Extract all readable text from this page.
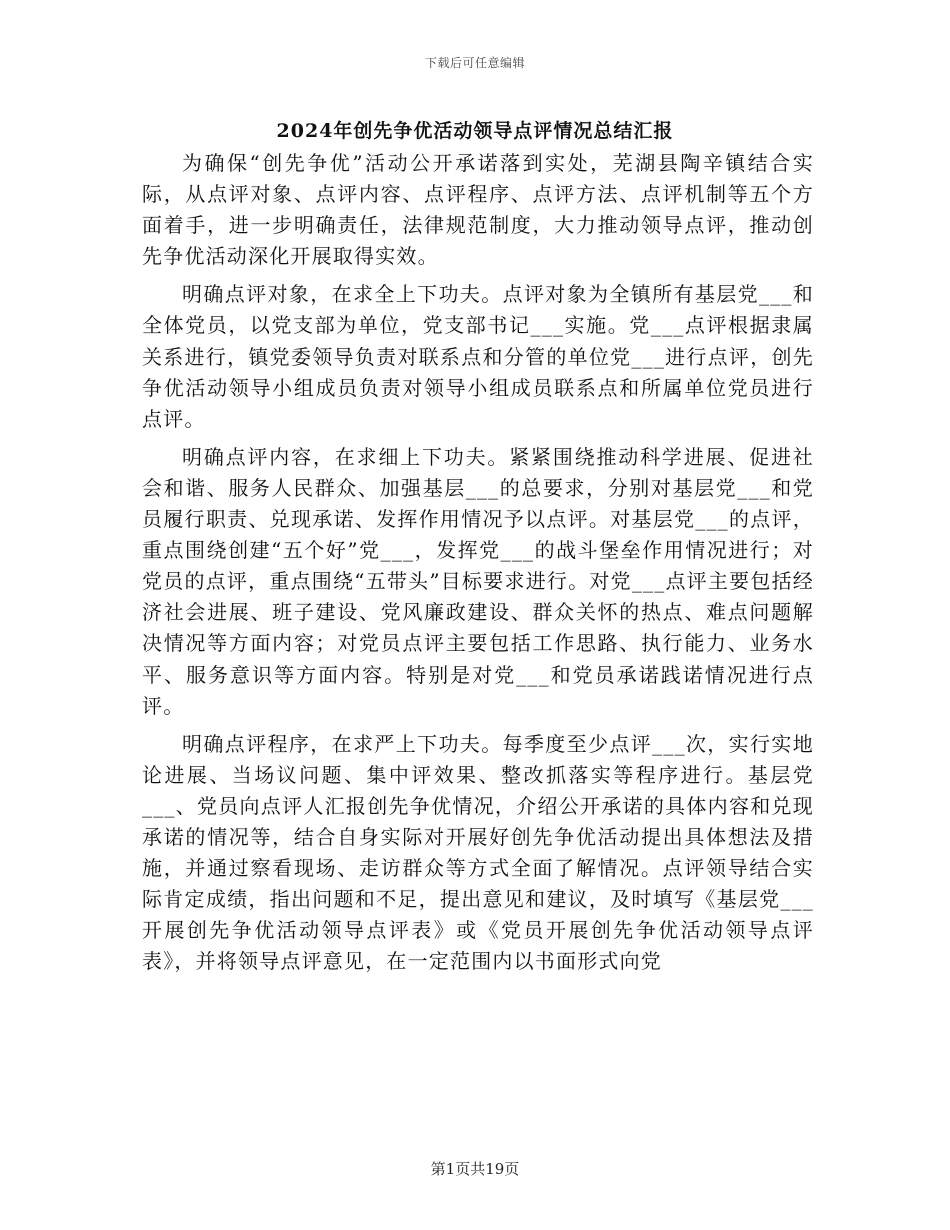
下载后可任意编辑
2024年创先争优活动领导点评情况总结汇报

为确保“创先争优”活动公开承诺落到实处，芜湖县陶辛镇结合实际，从点评对象、点评内容、点评程序、点评方法、点评机制等五个方面着手，进一步明确责任，法律规范制度，大力推动领导点评，推动创先争优活动深化开展取得实效。

明确点评对象，在求全上下功夫。点评对象为全镇所有基层党___和全体党员，以党支部为单位，党支部书记___实施。党___点评根据隶属关系进行，镇党委领导负责对联系点和分管的单位党___进行点评，创先争优活动领导小组成员负责对领导小组成员联系点和所属单位党员进行点评。

明确点评内容，在求细上下功夫。紧紧围绕推动科学进展、促进社会和谐、服务人民群众、加强基层___的总要求，分别对基层党___和党员履行职责、兑现承诺、发挥作用情况予以点评。对基层党___的点评，重点围绕创建“五个好”党___，发挥党___的战斗堡垒作用情况进行；对党员的点评，重点围绕“五带头”目标要求进行。对党___点评主要包括经济社会进展、班子建设、党风廉政建设、群众关怀的热点、难点问题解决情况等方面内容；对党员点评主要包括工作思路、执行能力、业务水平、服务意识等方面内容。特别是对党___和党员承诺践诺情况进行点评。

明确点评程序，在求严上下功夫。每季度至少点评___次，实行实地论进展、当场议问题、集中评效果、整改抓落实等程序进行。基层党___、党员向点评人汇报创先争优情况，介绍公开承诺的具体内容和兑现承诺的情况等，结合自身实际对开展好创先争优活动提出具体想法及措施，并通过察看现场、走访群众等方式全面了解情况。点评领导结合实际肯定成绩，指出问题和不足，提出意见和建议，及时填写《基层党___开展创先争优活动领导点评表》或《党员开展创先争优活动领导点评表》，并将领导点评意见，在一定范围内以书面形式向党

第1页共19页
